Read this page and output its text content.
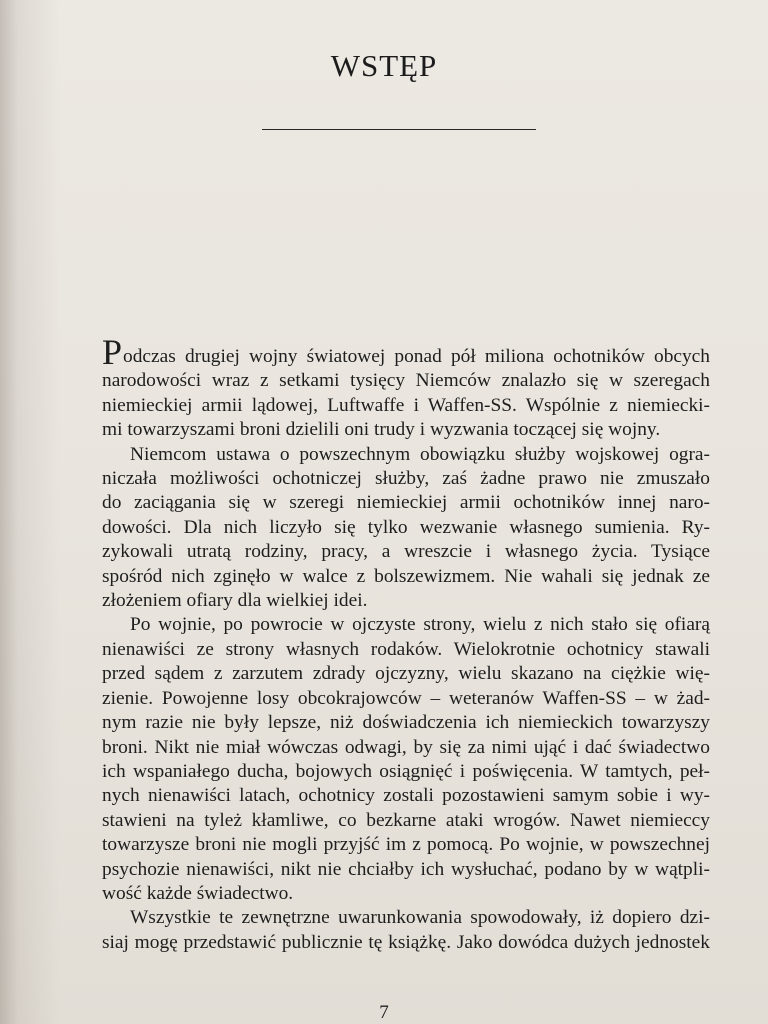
WSTĘP
Podczas drugiej wojny światowej ponad pół miliona ochotników obcych
narodowości wraz z setkami tysięcy Niemców znalazło się w szeregach
niemieckiej armii lądowej, Luftwaffe i Waffen-SS. Wspólnie z niemiecki-
mi towarzyszami broni dzielili oni trudy i wyzwania toczącej się wojny.
Niemcom ustawa o powszechnym obowiązku służby wojskowej ogra-
niczała możliwości ochotniczej służby, zaś żadne prawo nie zmuszało
do zaciągania się w szeregi niemieckiej armii ochotników innej naro-
dowości. Dla nich liczyło się tylko wezwanie własnego sumienia. Ry-
zykowali utratą rodziny, pracy, a wreszcie i własnego życia. Tysiące
spośród nich zginęło w walce z bolszewizmem. Nie wahali się jednak ze
złożeniem ofiary dla wielkiej idei.
Po wojnie, po powrocie w ojczyste strony, wielu z nich stało się ofiarą
nienawiści ze strony własnych rodaków. Wielokrotnie ochotnicy stawali
przed sądem z zarzutem zdrady ojczyzny, wielu skazano na ciężkie wię-
zienie. Powojenne losy obcokrajowców – weteranów Waffen-SS – w żad-
nym razie nie były lepsze, niż doświadczenia ich niemieckich towarzyszy
broni. Nikt nie miał wówczas odwagi, by się za nimi ująć i dać świadectwo
ich wspaniałego ducha, bojowych osiągnięć i poświęcenia. W tamtych, peł-
nych nienawiści latach, ochotnicy zostali pozostawieni samym sobie i wy-
stawieni na tyleż kłamliwe, co bezkarne ataki wrogów. Nawet niemieccy
towarzysze broni nie mogli przyjść im z pomocą. Po wojnie, w powszechnej
psychozie nienawiści, nikt nie chciałby ich wysłuchać, podano by w wątpli-
wość każde świadectwo.
Wszystkie te zewnętrzne uwarunkowania spowodowały, iż dopiero dzi-
siaj mogę przedstawić publicznie tę książkę. Jako dowódca dużych jednostek
7
